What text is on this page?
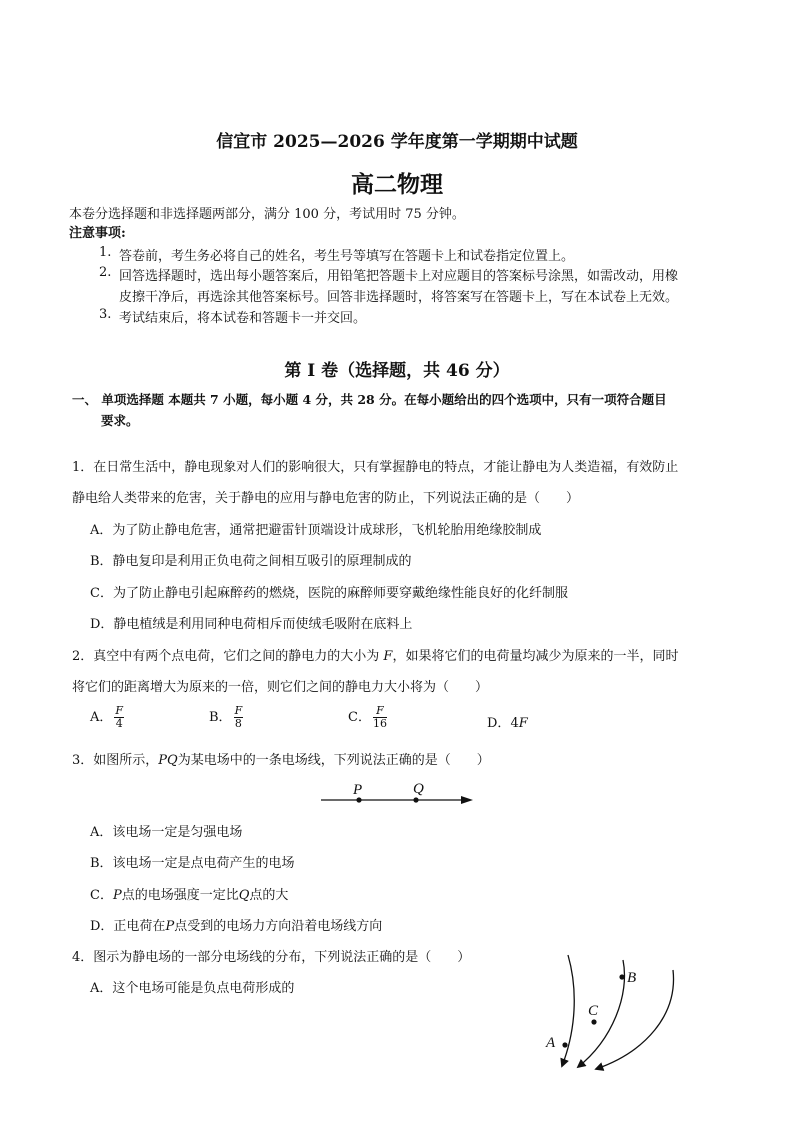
信宜市 2025—2026 学年度第一学期期中试题
高二物理
本卷分选择题和非选择题两部分，满分 100 分，考试用时 75 分钟。
注意事项:
1. 答卷前，考生务必将自己的姓名，考生号等填写在答题卡上和试卷指定位置上。
2. 回答选择题时，选出每小题答案后，用铅笔把答题卡上对应题目的答案标号涂黑，如需改动，用橡
皮擦干净后，再选涂其他答案标号。回答非选择题时，将答案写在答题卡上，写在本试卷上无效。
3. 考试结束后，将本试卷和答题卡一并交回。
第 I 卷（选择题，共 46 分）
一、 单项选择题 本题共 7 小题，每小题 4 分，共 28 分。在每小题给出的四个选项中，只有一项符合题目
要求。
1．在日常生活中，静电现象对人们的影响很大，只有掌握静电的特点，才能让静电为人类造福，有效防止
静电给人类带来的危害，关于静电的应用与静电危害的防止，下列说法正确的是（　　）
A．为了防止静电危害，通常把避雷针顶端设计成球形，飞机轮胎用绝缘胶制成
B．静电复印是利用正负电荷之间相互吸引的原理制成的
C．为了防止静电引起麻醉药的燃烧，医院的麻醉师要穿戴绝缘性能良好的化纤制服
D．静电植绒是利用同种电荷相斥而使绒毛吸附在底料上
2．真空中有两个点电荷，它们之间的静电力的大小为 F，如果将它们的电荷量均减少为原来的一半，同时
将它们的距离增大为原来的一倍，则它们之间的静电力大小将为（　　）
A． $\frac{F}{4}$	B． $\frac{F}{8}$	C． $\frac{F}{16}$	D．4F
3．如图所示，PQ为某电场中的一条电场线，下列说法正确的是（　　）
P	Q
A．该电场一定是匀强电场
B．该电场一定是点电荷产生的电场
C．P点的电场强度一定比Q点的大
D．正电荷在P点受到的电场力方向沿着电场线方向
4．图示为静电场的一部分电场线的分布，下列说法正确的是（　　）
A．这个电场可能是负点电荷形成的
A
B
C
